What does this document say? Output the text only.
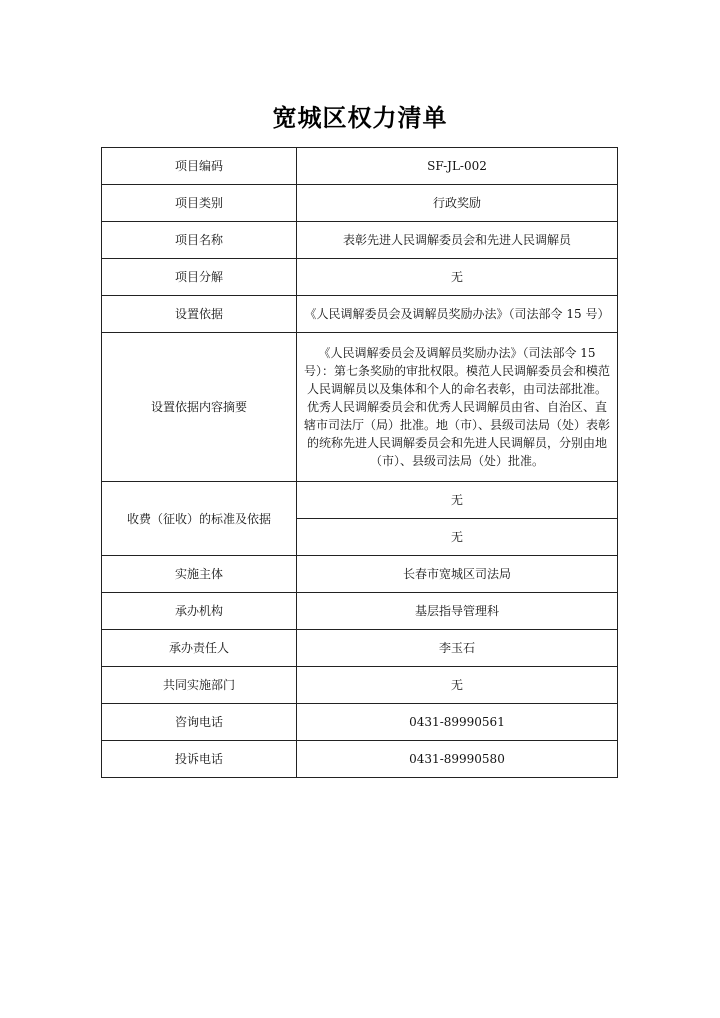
宽城区权力清单
项目编码	SF-JL-002
项目类别	行政奖励
项目名称	表彰先进人民调解委员会和先进人民调解员
项目分解	无
设置依据	《人民调解委员会及调解员奖励办法》（司法部令 15 号）
设置依据内容摘要	《人民调解委员会及调解员奖励办法》（司法部令 15 号）：第七条奖励的审批权限。模范人民调解委员会和模范人民调解员以及集体和个人的命名表彰，由司法部批准。优秀人民调解委员会和优秀人民调解员由省、自治区、直辖市司法厅（局）批准。地（市）、县级司法局（处）表彰的统称先进人民调解委员会和先进人民调解员，分别由地（市）、县级司法局（处）批准。
收费（征收）的标准及依据	无
	无
实施主体	长春市宽城区司法局
承办机构	基层指导管理科
承办责任人	李玉石
共同实施部门	无
咨询电话	0431-89990561
投诉电话	0431-89990580
